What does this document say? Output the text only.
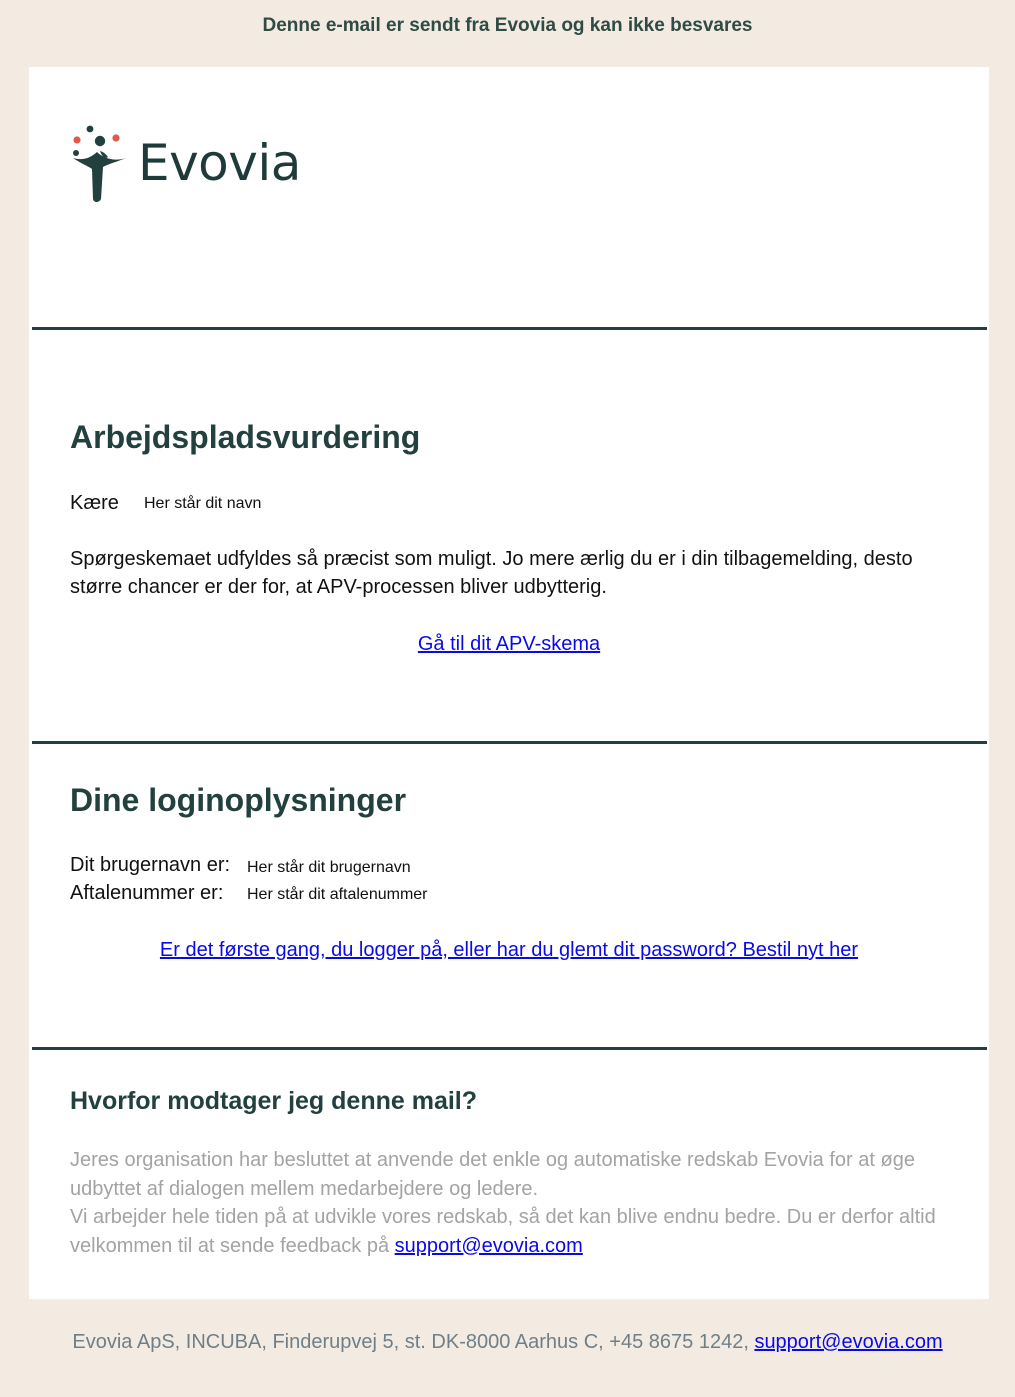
Denne e-mail er sendt fra Evovia og kan ikke besvares
Evovia
Arbejdspladsvurdering
Kære Her står dit navn
Spørgeskemaet udfyldes så præcist som muligt. Jo mere ærlig du er i din tilbagemelding, desto større chancer er der for, at APV-processen bliver udbytterig.
Gå til dit APV-skema
Dine loginoplysninger
Dit brugernavn er: Her står dit brugernavn
Aftalenummer er: Her står dit aftalenummer
Er det første gang, du logger på, eller har du glemt dit password? Bestil nyt her
Hvorfor modtager jeg denne mail?
Jeres organisation har besluttet at anvende det enkle og automatiske redskab Evovia for at øge udbyttet af dialogen mellem medarbejdere og ledere.
Vi arbejder hele tiden på at udvikle vores redskab, så det kan blive endnu bedre. Du er derfor altid velkommen til at sende feedback på support@evovia.com
Evovia ApS, INCUBA, Finderupvej 5, st. DK-8000 Aarhus C, +45 8675 1242, support@evovia.com
